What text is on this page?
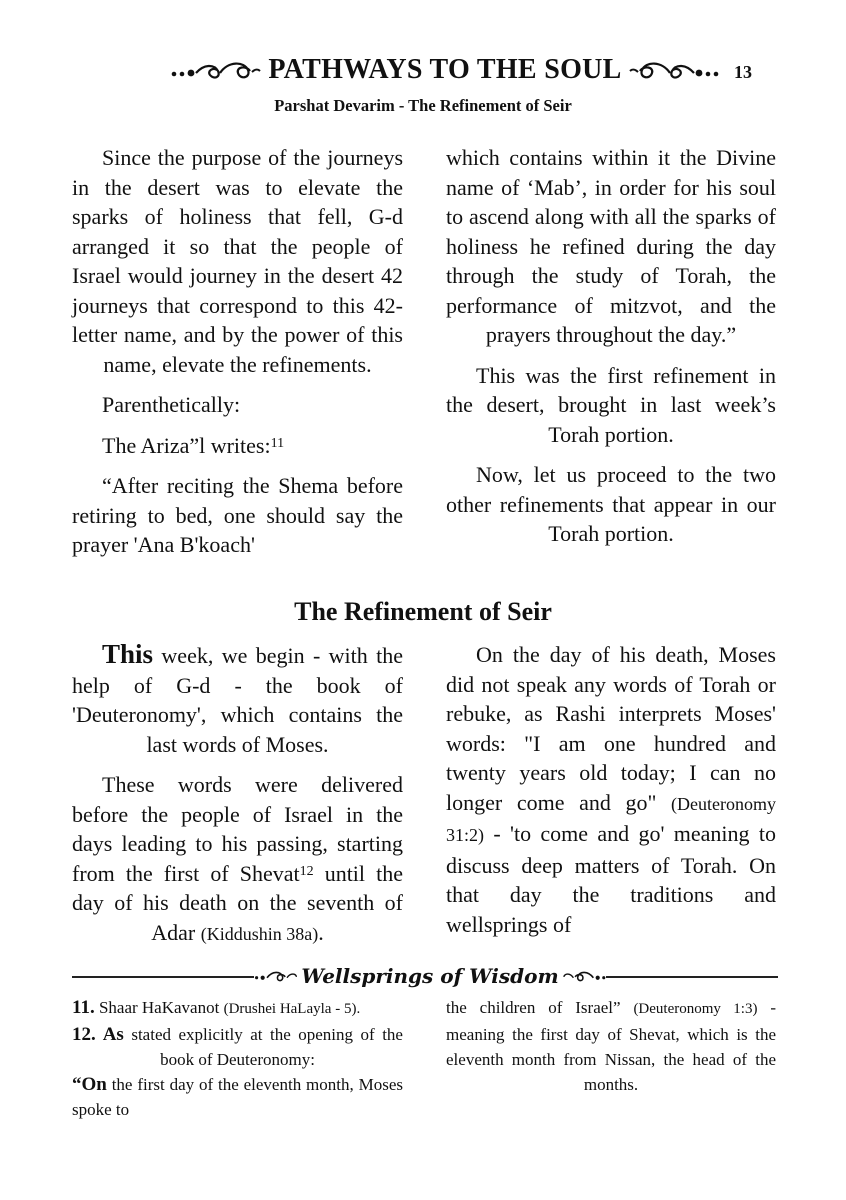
PATHWAYS TO THE SOUL	13
Parshat Devarim - The Refinement of Seir

Since the purpose of the journeys in the desert was to elevate the sparks of holiness that fell, G-d arranged it so that the people of Israel would journey in the desert 42 journeys that correspond to this 42-letter name, and by the power of this name, elevate the refinements.

Parenthetically:

The Ariza”l writes:$^{11}$

“After reciting the Shema before retiring to bed, one should say the prayer 'Ana B'koach'

which contains within it the Divine name of ‘Mab’, in order for his soul to ascend along with all the sparks of holiness he refined during the day through the study of Torah, the performance of mitzvot, and the prayers throughout the day.”

This was the first refinement in the desert, brought in last week’s Torah portion.

Now, let us proceed to the two other refinements that appear in our Torah portion.

The Refinement of Seir

This week, we begin - with the help of G-d - the book of 'Deuteronomy', which contains the last words of Moses.

These words were delivered before the people of Israel in the days leading to his passing, starting from the first of Shevat$^{12}$ until the day of his death on the seventh of Adar (Kiddushin 38a).

On the day of his death, Moses did not speak any words of Torah or rebuke, as Rashi interprets Moses' words: "I am one hundred and twenty years old today; I can no longer come and go" (Deuteronomy 31:2) - 'to come and go' meaning to discuss deep matters of Torah. On that day the traditions and wellsprings of

Wellsprings of Wisdom

11. Shaar HaKavanot (Drushei HaLayla - 5).

12. As stated explicitly at the opening of the book of Deuteronomy:

“On the first day of the eleventh month, Moses spoke to

the children of Israel” (Deuteronomy 1:3) - meaning the first day of Shevat, which is the eleventh month from Nissan, the head of the months.
